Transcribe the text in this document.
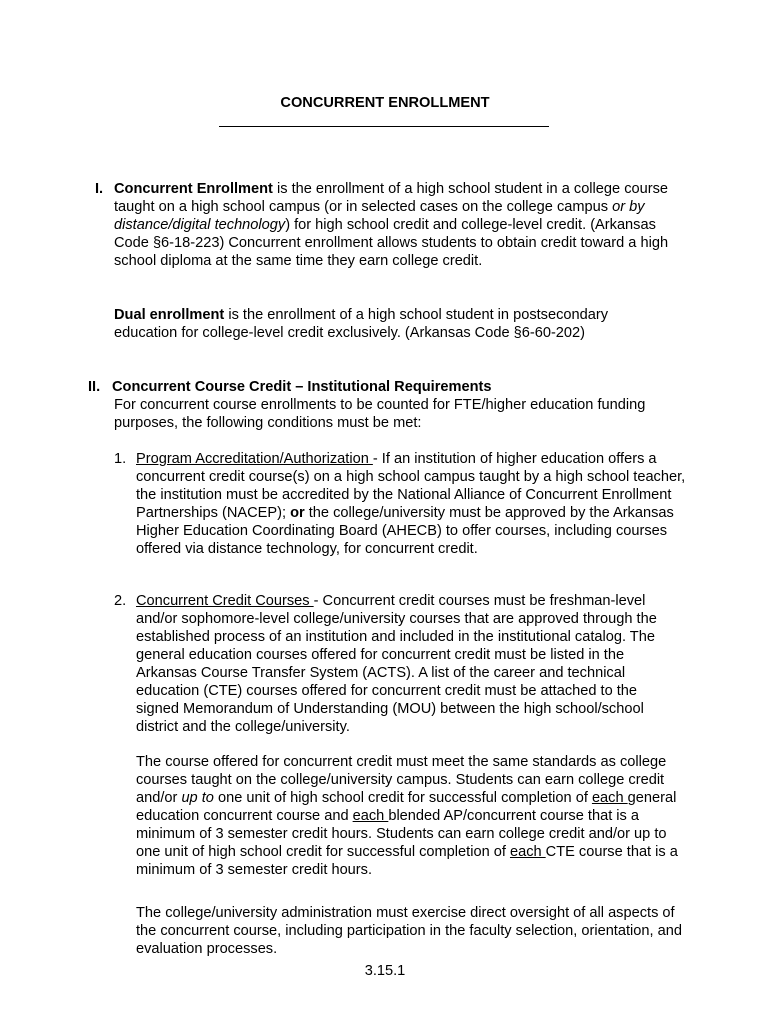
CONCURRENT ENROLLMENT
I. Concurrent Enrollment is the enrollment of a high school student in a college course taught on a high school campus (or in selected cases on the college campus or by distance/digital technology) for high school credit and college-level credit. (Arkansas Code §6-18-223) Concurrent enrollment allows students to obtain credit toward a high school diploma at the same time they earn college credit.

Dual enrollment is the enrollment of a high school student in postsecondary education for college-level credit exclusively. (Arkansas Code §6-60-202)

II. Concurrent Course Credit – Institutional Requirements

For concurrent course enrollments to be counted for FTE/higher education funding purposes, the following conditions must be met:

1. Program Accreditation/Authorization - If an institution of higher education offers a concurrent credit course(s) on a high school campus taught by a high school teacher, the institution must be accredited by the National Alliance of Concurrent Enrollment Partnerships (NACEP); or the college/university must be approved by the Arkansas Higher Education Coordinating Board (AHECB) to offer courses, including courses offered via distance technology, for concurrent credit.

2. Concurrent Credit Courses - Concurrent credit courses must be freshman-level and/or sophomore-level college/university courses that are approved through the established process of an institution and included in the institutional catalog. The general education courses offered for concurrent credit must be listed in the Arkansas Course Transfer System (ACTS). A list of the career and technical education (CTE) courses offered for concurrent credit must be attached to the signed Memorandum of Understanding (MOU) between the high school/school district and the college/university.

The course offered for concurrent credit must meet the same standards as college courses taught on the college/university campus. Students can earn college credit and/or up to one unit of high school credit for successful completion of each general education concurrent course and each blended AP/concurrent course that is a minimum of 3 semester credit hours. Students can earn college credit and/or up to one unit of high school credit for successful completion of each CTE course that is a minimum of 3 semester credit hours.

The college/university administration must exercise direct oversight of all aspects of the concurrent course, including participation in the faculty selection, orientation, and evaluation processes.

3.15.1
